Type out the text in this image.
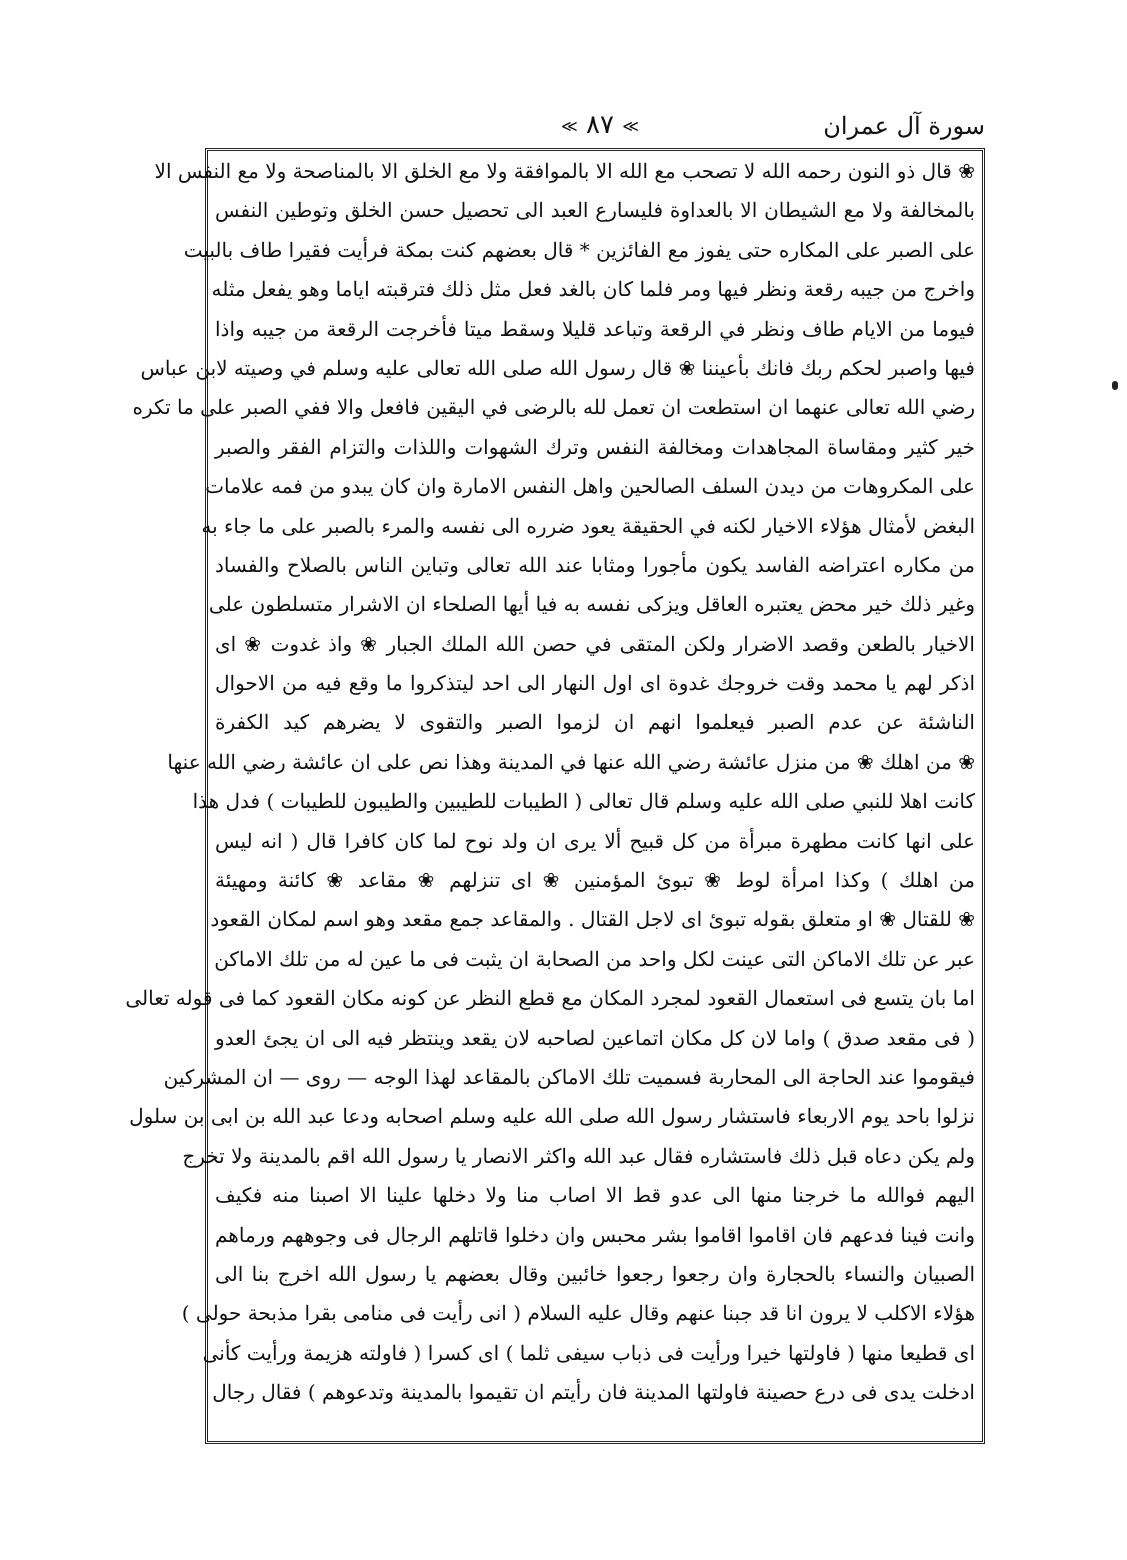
سورة آل عمران
≪ ٨٧ ≪
❀ قال ذو النون رحمه الله لا تصحب مع الله الا بالموافقة ولا مع الخلق الا بالمناصحة ولا مع النفس الا
بالمخالفة ولا مع الشيطان الا بالعداوة فليسارع العبد الى تحصيل حسن الخلق وتوطين النفس
على الصبر على المكاره حتى يفوز مع الفائزين * قال بعضهم كنت بمكة فرأيت فقيرا طاف بالبيت
واخرج من جيبه رقعة ونظر فيها ومر فلما كان بالغد فعل مثل ذلك فترقبته اياما وهو يفعل مثله
فيوما من الايام طاف ونظر في الرقعة وتباعد قليلا وسقط ميتا فأخرجت الرقعة من جيبه واذا
فيها واصبر لحكم ربك فانك بأعيننا ❀ قال رسول الله صلى الله تعالى عليه وسلم في وصيته لابن عباس
رضي الله تعالى عنهما ان استطعت ان تعمل لله بالرضى في اليقين فافعل والا ففي الصبر على ما تكره
خير كثير ومقاساة المجاهدات ومخالفة النفس وترك الشهوات واللذات والتزام الفقر والصبر
على المكروهات من ديدن السلف الصالحين واهل النفس الامارة وان كان يبدو من فمه علامات
البغض لأمثال هؤلاء الاخيار لكنه في الحقيقة يعود ضرره الى نفسه والمرء بالصبر على ما جاء به
من مكاره اعتراضه الفاسد يكون مأجورا ومثابا عند الله تعالى وتباين الناس بالصلاح والفساد
وغير ذلك خير محض يعتبره العاقل ويزكى نفسه به فيا أيها الصلحاء ان الاشرار متسلطون على
الاخيار بالطعن وقصد الاضرار ولكن المتقى في حصن الله الملك الجبار ❀ واذ غدوت ❀ اى
اذكر لهم يا محمد وقت خروجك غدوة اى اول النهار الى احد ليتذكروا ما وقع فيه من الاحوال
الناشئة عن عدم الصبر فيعلموا انهم ان لزموا الصبر والتقوى لا يضرهم كيد الكفرة
❀ من اهلك ❀ من منزل عائشة رضي الله عنها في المدينة وهذا نص على ان عائشة رضي الله عنها
كانت اهلا للنبي صلى الله عليه وسلم قال تعالى ( الطيبات للطيبين والطيبون للطيبات ) فدل هذا
على انها كانت مطهرة مبرأة من كل قبيح ألا يرى ان ولد نوح لما كان كافرا قال ( انه ليس
من اهلك ) وكذا امرأة لوط ❀ تبوئ المؤمنين ❀ اى تنزلهم ❀ مقاعد ❀ كائنة ومهيئة
❀ للقتال ❀ او متعلق بقوله تبوئ اى لاجل القتال . والمقاعد جمع مقعد وهو اسم لمكان القعود
عبر عن تلك الاماكن التى عينت لكل واحد من الصحابة ان يثبت فى ما عين له من تلك الاماكن
اما بان يتسع فى استعمال القعود لمجرد المكان مع قطع النظر عن كونه مكان القعود كما فى قوله تعالى
( فى مقعد صدق ) واما لان كل مكان اتماعين لصاحبه لان يقعد وينتظر فيه الى ان يجئ العدو
فيقوموا عند الحاجة الى المحاربة فسميت تلك الاماكن بالمقاعد لهذا الوجه — روى — ان المشركين
نزلوا باحد يوم الاربعاء فاستشار رسول الله صلى الله عليه وسلم اصحابه ودعا عبد الله بن ابى بن سلول
ولم يكن دعاه قبل ذلك فاستشاره فقال عبد الله واكثر الانصار يا رسول الله اقم بالمدينة ولا تخرج
اليهم فوالله ما خرجنا منها الى عدو قط الا اصاب منا ولا دخلها علينا الا اصبنا منه فكيف
وانت فينا فدعهم فان اقاموا اقاموا بشر محبس وان دخلوا قاتلهم الرجال فى وجوههم ورماهم
الصبيان والنساء بالحجارة وان رجعوا رجعوا خائبين وقال بعضهم يا رسول الله اخرج بنا الى
هؤلاء الاكلب لا يرون انا قد جبنا عنهم وقال عليه السلام ( انى رأيت فى منامى بقرا مذبحة حولى )
اى قطيعا منها ( فاولتها خيرا ورأيت فى ذباب سيفى ثلما ) اى كسرا ( فاولته هزيمة ورأيت كأنى
ادخلت يدى فى درع حصينة فاولتها المدينة فان رأيتم ان تقيموا بالمدينة وتدعوهم ) فقال رجال
